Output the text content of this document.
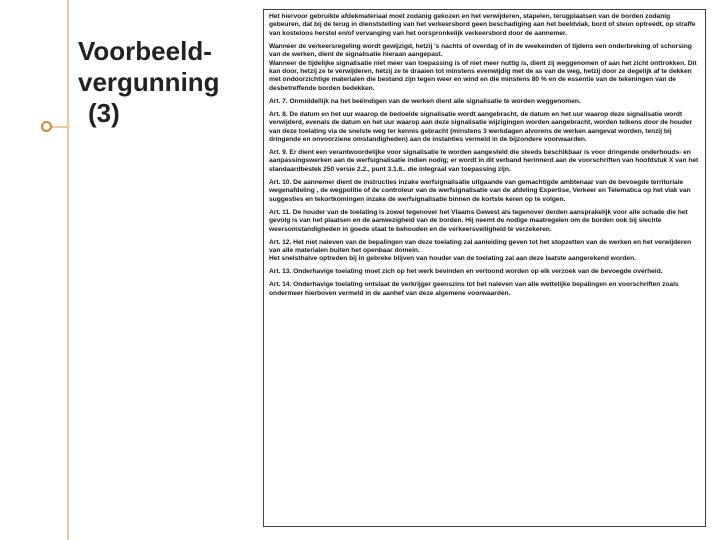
Voorbeeld-
vergunning
(3)

Het hiervoor gebruikte afdekmateriaal moet zodanig gekozen en het verwijderen, stapelen, terugplaatsen van de borden zodanig gebeuren, dat bij de terug in dienststelling van het verkeersbord geen beschadiging aan het beeldvlak, bord of steun optreedt, op straffe van kosteloos herstel en/of vervanging van het oorspronkelijk verkeersbord door de aannemer.

Wanneer de verkeersregeling wordt gewijzigd, hetzij 's nachts of overdag of in de weekeinden of tijdens een onderbreking of schorsing van de werken, dient de signalisatie hieraan aangepast.

Wanneer de tijdelijke signalisatie niet meer van toepassing is of niet meer nuttig is, dient zij weggenomen of aan het zicht onttrokken. Dit kan door, hetzij ze te verwijderen, hetzij ze te draaien tot minstens evenwijdig met de as van de weg, hetzij door ze degelijk af te dekken met ondoorzichtige materialen die bestand zijn tegen weer en wind en die minstens 80 % en de essentie van de tekeningen van de desbetreffende borden bedekken.

Art. 7. Onmiddellijk na het beëindigen van de werken dient alle signalisatie te worden weggenomen.

Art. 8. De datum en het uur waarop de bedoelde signalisatie wordt aangebracht, de datum en het uur waarop deze signalisatie wordt verwijderd, evenals de datum en het uur waarop aan deze signalisatie wijzigingen worden aangebracht, worden telkens door de houder van deze toelating via de snelste weg ter kennis gebracht (minstens 3 werkdagen alvorens de werken aangevat worden, tenzij bij dringende en onvoorziene omstandigheden) aan de instanties vermeld in de bijzondere voorwaarden.

Art. 9. Er dient een verantwoordelijke voor signalisatie te worden aangesteld die steeds beschikbaar is voor dringende onderhouds- en aanpassingswerken aan de werfsignalisatie indien nodig; er wordt in dit verband herinnerd aan de voorschriften van hoofdstuk X van het standaardbestek 250 versie 2.2., punt 3.1.6.. die integraal van toepassing zijn.

Art. 10. De aannemer dient de instructies inzake werfsignalisatie uitgaande van gemachtigde ambtenaar van de bevoegde territoriale wegenafdeling , de wegpolitie of de controleur van de werfsignalisatie van de afdeling Expertise, Verkeer en Telematica op het vlak van suggesties en tekortkomingen inzake de werfsignalisatie binnen de kortste keren op te volgen.

Art. 11. De houder van de toelating is zowel tegenover het Vlaams Gewest als tegenover derden aansprakelijk voor alle schade die het gevolg is van het plaatsen en de aanwezigheid van de borden. Hij neemt de nodige maatregelen om de borden ook bij slechte weersomstandigheden in goede staat te behouden en de verkeersveiligheid te verzekeren.

Art. 12. Het niet naleven van de bepalingen van deze toelating zal aanleiding geven tot het stopzetten van de werken en het verwijderen van alle materialen buiten het openbaar domein.

Het snelsthalve optreden bij in gebreke blijven van houder van de toelating zal aan deze laatste aangerekend worden.

Art. 13. Onderhavige toelating moet zich op het werk bevinden en vertoond worden op elk verzoek van de bevoegde overheid.

Art. 14. Onderhavige toelating ontslaat de verkrijger geenszins tot het naleven van alle wettelijke bepalingen en voorschriften zoals ondermeer hierboven vermeld in de aanhef van deze algemene voorwaarden.
